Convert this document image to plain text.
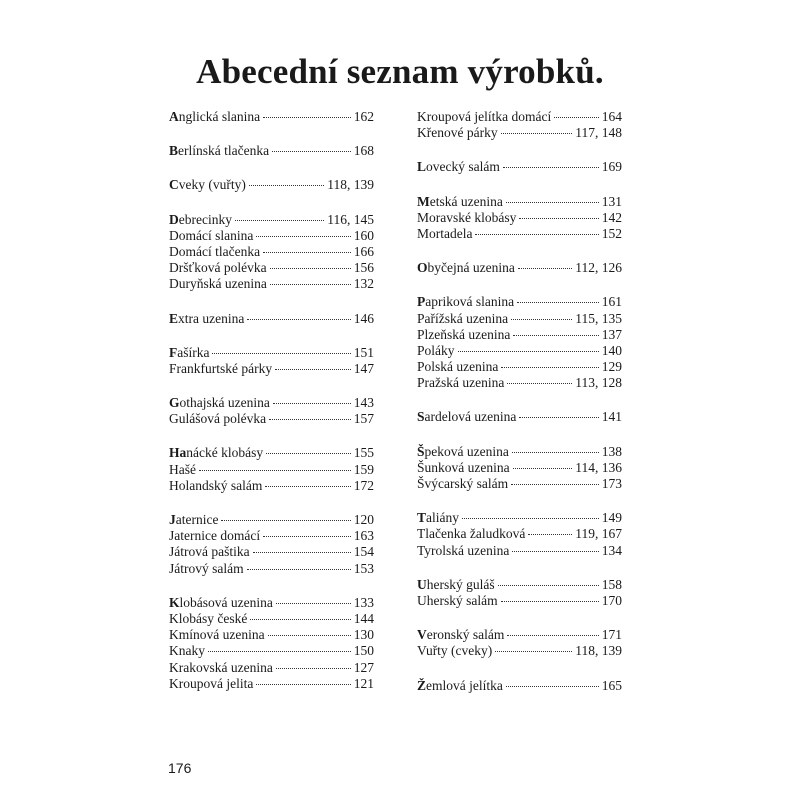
Abecední seznam výrobků.
Anglická slanina	162
Berlínská tlačenka	168
Cveky (vuřty)	118, 139
Debrecinky	116, 145
Domácí slanina	160
Domácí tlačenka	166
Dršťková polévka	156
Duryňská uzenina	132
Extra uzenina	146
Fašírka	151
Frankfurtské párky	147
Gothajská uzenina	143
Gulášová polévka	157
Hanácké klobásy	155
Hašé	159
Holandský salám	172
Jaternice	120
Jaternice domácí	163
Játrová paštika	154
Játrový salám	153
Klobásová uzenina	133
Klobásy české	144
Kmínová uzenina	130
Knaky	150
Krakovská uzenina	127
Kroupová jelita	121
Kroupová jelítka domácí	164
Křenové párky	117, 148
Lovecký salám	169
Metská uzenina	131
Moravské klobásy	142
Mortadela	152
Obyčejná uzenina	112, 126
Papriková slanina	161
Pařížská uzenina	115, 135
Plzeňská uzenina	137
Poláky	140
Polská uzenina	129
Pražská uzenina	113, 128
Sardelová uzenina	141
Špeková uzenina	138
Šunková uzenina	114, 136
Švýcarský salám	173
Taliány	149
Tlačenka žaludková	119, 167
Tyrolská uzenina	134
Uherský guláš	158
Uherský salám	170
Veronský salám	171
Vuřty (cveky)	118, 139
Žemlová jelítka	165
176
